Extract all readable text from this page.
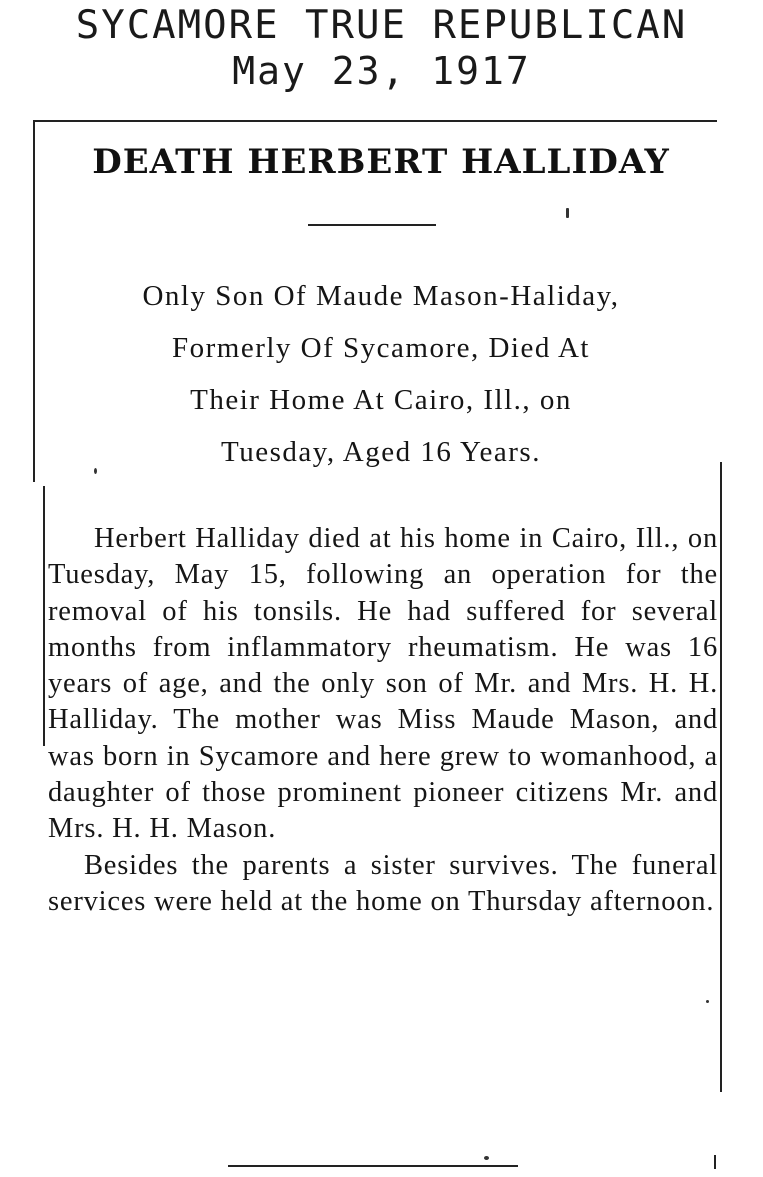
SYCAMORE TRUE REPUBLICAN
May 23, 1917
DEATH HERBERT HALLIDAY
Only Son Of Maude Mason-Haliday,
Formerly Of Sycamore, Died At
Their Home At Cairo, Ill., on
Tuesday, Aged 16 Years.

Herbert Halliday died at his home in Cairo, Ill., on Tuesday, May 15, following an operation for the removal of his tonsils. He had suffered for several months from inflammatory rheumatism. He was 16 years of age, and the only son of Mr. and Mrs. H. H. Halliday. The mother was Miss Maude Mason, and was born in Sycamore and here grew to womanhood, a daughter of those prominent pioneer citizens Mr. and Mrs. H. H. Mason.

Besides the parents a sister survives. The funeral services were held at the home on Thursday afternoon.
